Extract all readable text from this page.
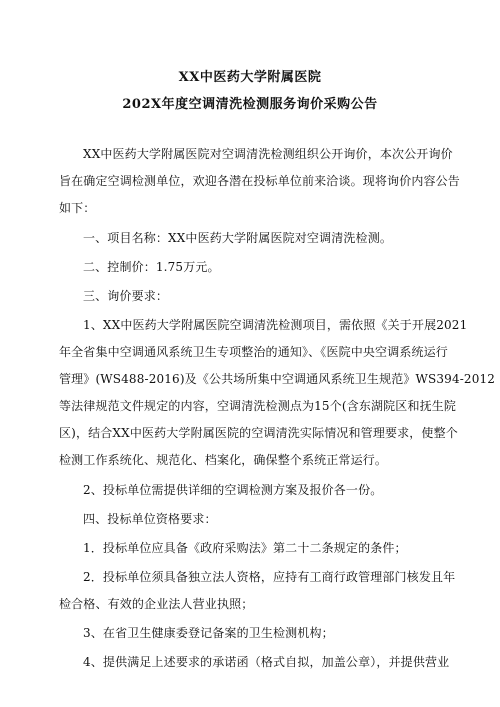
XX中医药大学附属医院
202X年度空调清洗检测服务询价采购公告
XX中医药大学附属医院对空调清洗检测组织公开询价，本次公开询价
旨在确定空调检测单位，欢迎各潜在投标单位前来洽谈。现将询价内容公告
如下：
一、项目名称：XX中医药大学附属医院对空调清洗检测。
二、控制价：1.75万元。
三、询价要求：
1、XX中医药大学附属医院空调清洗检测项目，需依照《关于开展2021
年全省集中空调通风系统卫生专项整治的通知》、《医院中央空调系统运行
管理》(WS488-2016)及《公共场所集中空调通风系统卫生规范》WS394-2012
等法律规范文件规定的内容，空调清洗检测点为15个(含东湖院区和抚生院
区)，结合XX中医药大学附属医院的空调清洗实际情况和管理要求，使整个
检测工作系统化、规范化、档案化，确保整个系统正常运行。
2、投标单位需提供详细的空调检测方案及报价各一份。
四、投标单位资格要求：
1．投标单位应具备《政府采购法》第二十二条规定的条件；
2．投标单位须具备独立法人资格，应持有工商行政管理部门核发且年
检合格、有效的企业法人营业执照；
3、在省卫生健康委登记备案的卫生检测机构；
4、提供满足上述要求的承诺函（格式自拟，加盖公章），并提供营业
